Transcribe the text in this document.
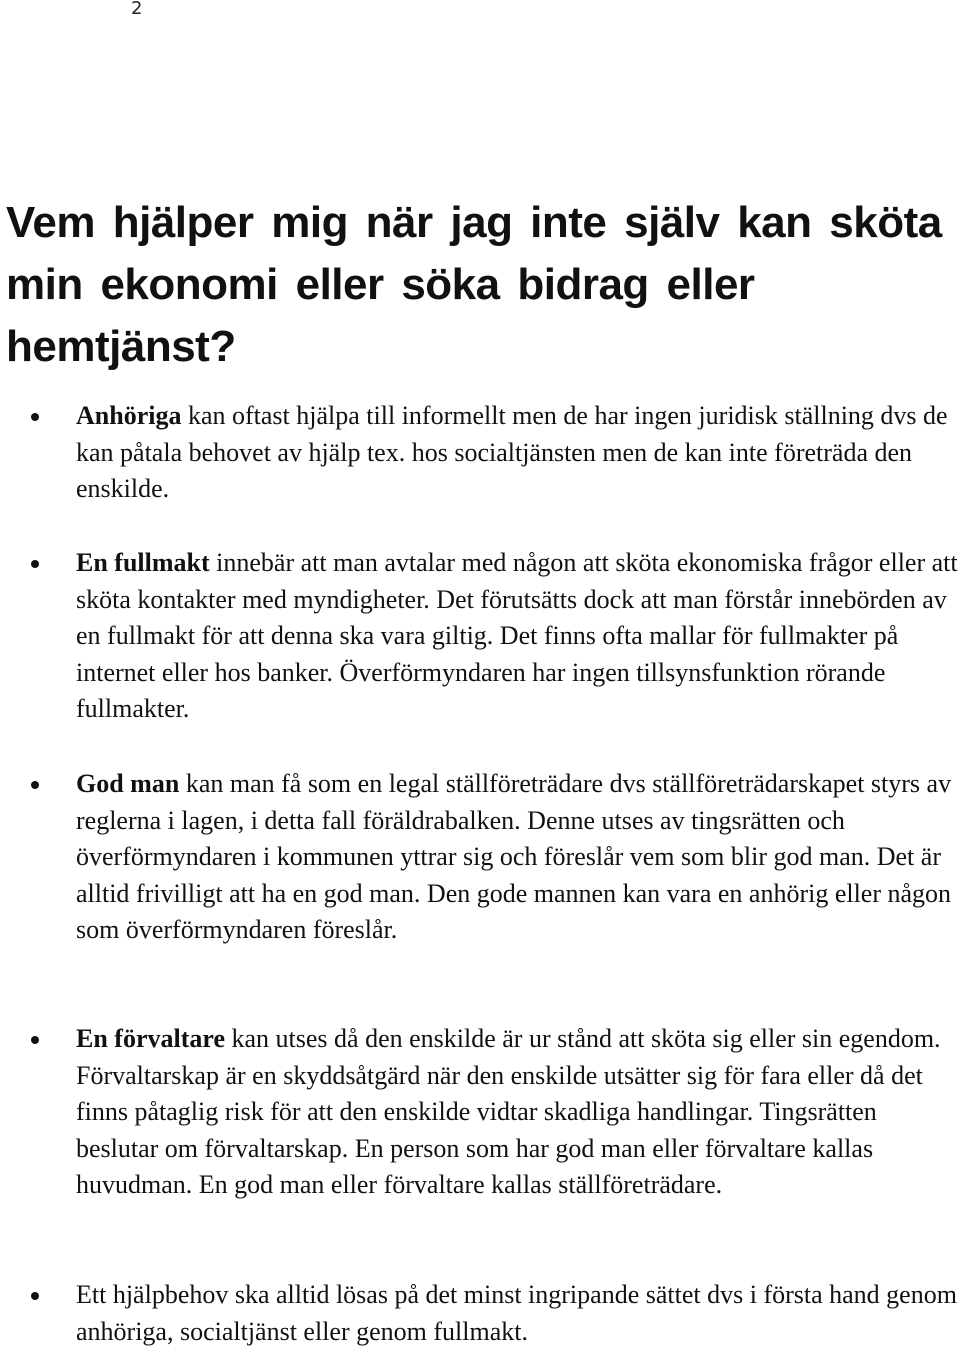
2
Vem hjälper mig när jag inte själv kan sköta min ekonomi eller söka bidrag eller hemtjänst?
Anhöriga kan oftast hjälpa till informellt men de har ingen juridisk ställning dvs de kan påtala behovet av hjälp tex. hos socialtjänsten men de kan inte företräda den enskilde.
En fullmakt innebär att man avtalar med någon att sköta ekonomiska frågor eller att sköta kontakter med myndigheter. Det förutsätts dock att man förstår innebörden av en fullmakt för att denna ska vara giltig. Det finns ofta mallar för fullmakter på internet eller hos banker. Överförmyndaren har ingen tillsynsfunktion rörande fullmakter.
God man kan man få som en legal ställföreträdare dvs ställföreträdarskapet styrs av reglerna i lagen, i detta fall föräldrabalken. Denne utses av tingsrätten och överförmyndaren i kommunen yttrar sig och föreslår vem som blir god man. Det är alltid frivilligt att ha en god man. Den gode mannen kan vara en anhörig eller någon som överförmyndaren föreslår.
En förvaltare kan utses då den enskilde är ur stånd att sköta sig eller sin egendom. Förvaltarskap är en skyddsåtgärd när den enskilde utsätter sig för fara eller då det finns påtaglig risk för att den enskilde vidtar skadliga handlingar. Tingsrätten beslutar om förvaltarskap. En person som har god man eller förvaltare kallas huvudman. En god man eller förvaltare kallas ställföreträdare.
Ett hjälpbehov ska alltid lösas på det minst ingripande sättet dvs i första hand genom anhöriga, socialtjänst eller genom fullmakt.
